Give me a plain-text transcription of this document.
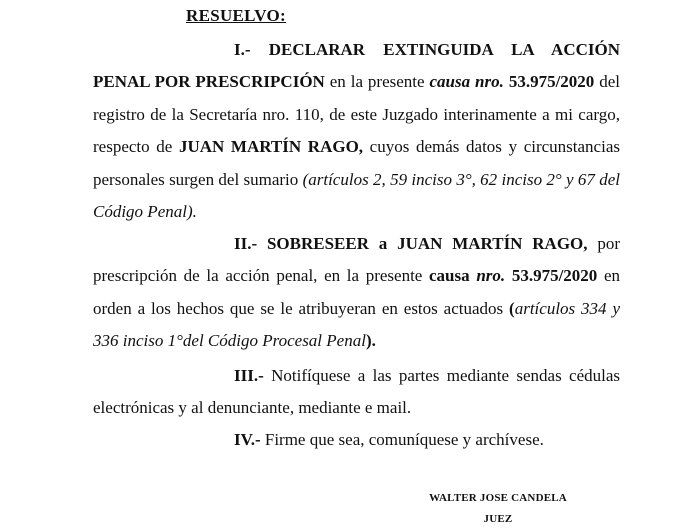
RESUELVO:
I.- DECLARAR EXTINGUIDA LA ACCIÓN PENAL POR PRESCRIPCIÓN en la presente causa nro. 53.975/2020 del registro de la Secretaría nro. 110, de este Juzgado interinamente a mi cargo, respecto de JUAN MARTÍN RAGO, cuyos demás datos y circunstancias personales surgen del sumario (artículos 2, 59 inciso 3°, 62 inciso 2° y 67 del Código Penal).
II.- SOBRESEER a JUAN MARTÍN RAGO, por prescripción de la acción penal, en la presente causa nro. 53.975/2020 en orden a los hechos que se le atribuyeran en estos actuados (artículos 334 y 336 inciso 1°del Código Procesal Penal).
III.- Notifíquese a las partes mediante sendas cédulas electrónicas y al denunciante, mediante e mail.
IV.- Firme que sea, comuníquese y archívese.
WALTER JOSE CANDELA
JUEZ
